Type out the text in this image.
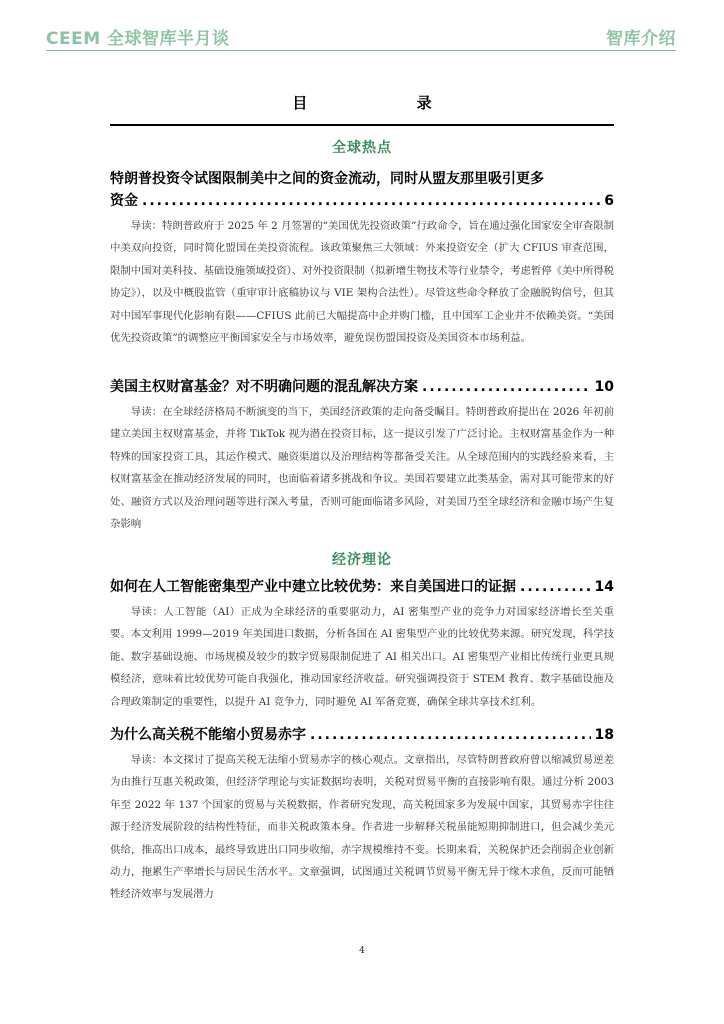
CEEM 全球智库半月谈	智库介绍
目 录
全球热点
特朗普投资令试图限制美中之间的资金流动，同时从盟友那里吸引更多
资金 .....	6
导读：特朗普政府于 2025 年 2 月签署的“美国优先投资政策”行政命令，旨在通过强化国家安全审查限制中美双向投资，同时简化盟国在美投资流程。该政策聚焦三大领域：外来投资安全（扩大 CFIUS 审查范围，限制中国对美科技、基础设施领域投资）、对外投资限制（拟新增生物技术等行业禁令，考虑暂停《美中所得税协定》），以及中概股监管（重审审计底稿协议与 VIE 架构合法性）。尽管这些命令释放了金融脱钩信号，但其对中国军事现代化影响有限——CFIUS 此前已大幅提高中企并购门槛，且中国军工企业并不依赖美资。“美国优先投资政策”的调整应平衡国家安全与市场效率，避免误伤盟国投资及美国资本市场利益。
美国主权财富基金？对不明确问题的混乱解决方案 .....	10
导读：在全球经济格局不断演变的当下，美国经济政策的走向备受瞩目。特朗普政府提出在 2026 年初前建立美国主权财富基金，并将 TikTok 视为潜在投资目标，这一提议引发了广泛讨论。主权财富基金作为一种特殊的国家投资工具，其运作模式、融资渠道以及治理结构等都备受关注。从全球范围内的实践经验来看，主权财富基金在推动经济发展的同时，也面临着诸多挑战和争议。美国若要建立此类基金，需对其可能带来的好处、融资方式以及治理问题等进行深入考量，否则可能面临诸多风险，对美国乃至全球经济和金融市场产生复杂影响
经济理论
如何在人工智能密集型产业中建立比较优势：来自美国进口的证据 .....	14
导读：人工智能（AI）正成为全球经济的重要驱动力，AI 密集型产业的竞争力对国家经济增长至关重要。本文利用 1999—2019 年美国进口数据，分析各国在 AI 密集型产业的比较优势来源。研究发现，科学技能、数字基础设施、市场规模及较少的数字贸易限制促进了 AI 相关出口。AI 密集型产业相比传统行业更具规模经济，意味着比较优势可能自我强化，推动国家经济收益。研究强调投资于 STEM 教育、数字基础设施及合理政策制定的重要性，以提升 AI 竞争力，同时避免 AI 军备竞赛，确保全球共享技术红利。
为什么高关税不能缩小贸易赤字 .....	18
导读：本文探讨了提高关税无法缩小贸易赤字的核心观点。文章指出，尽管特朗普政府曾以缩减贸易逆差为由推行互惠关税政策，但经济学理论与实证数据均表明，关税对贸易平衡的直接影响有限。通过分析 2003 年至 2022 年 137 个国家的贸易与关税数据，作者研究发现，高关税国家多为发展中国家，其贸易赤字往往源于经济发展阶段的结构性特征，而非关税政策本身。作者进一步解释关税虽能短期抑制进口，但会减少美元供给，推高出口成本，最终导致进出口同步收缩，赤字规模维持不变。长期来看，关税保护还会削弱企业创新动力，拖累生产率增长与居民生活水平。文章强调，试图通过关税调节贸易平衡无异于缘木求鱼，反而可能牺牲经济效率与发展潜力
4
